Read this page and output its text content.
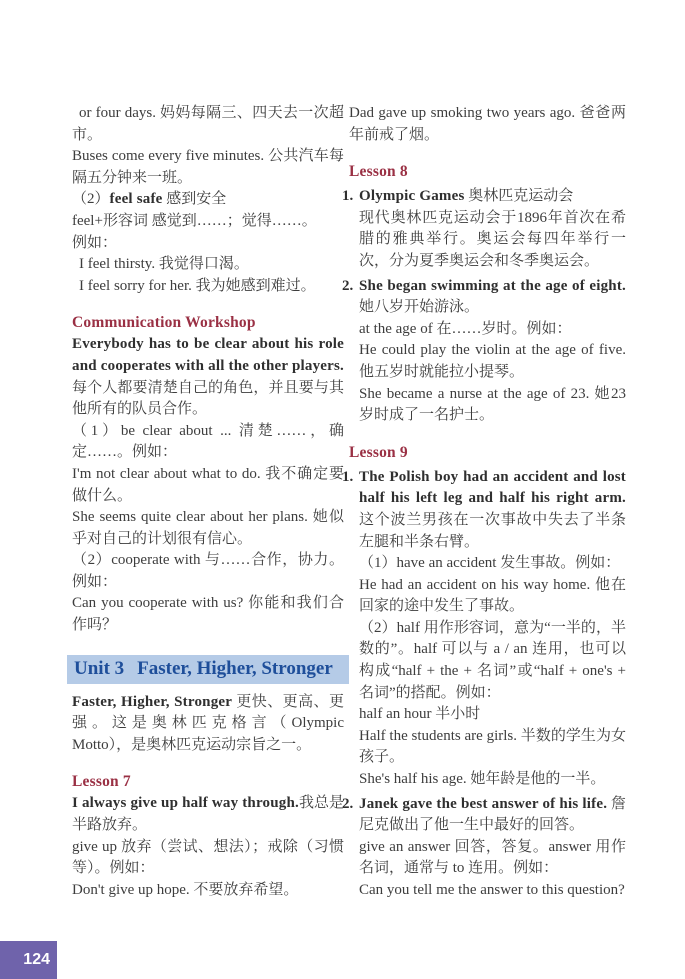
or four days. 妈妈每隔三、四天去一次超市。

Buses come every five minutes. 公共汽车每隔五分钟来一班。

（2）feel safe 感到安全

feel+形容词 感觉到……；觉得……。

例如：

I feel thirsty. 我觉得口渴。

I feel sorry for her. 我为她感到难过。

Communication Workshop

Everybody has to be clear about his role and cooperates with all the other players. 每个人都要清楚自己的角色，并且要与其他所有的队员合作。

（1）be clear about ... 清楚……，确定……。例如：

I'm not clear about what to do. 我不确定要做什么。

She seems quite clear about her plans. 她似乎对自己的计划很有信心。

（2）cooperate with 与……合作，协力。例如：

Can you cooperate with us? 你能和我们合作吗？

Unit 3 Faster, Higher, Stronger

Faster, Higher, Stronger 更快、更高、更强。这是奥林匹克格言（Olympic Motto），是奥林匹克运动宗旨之一。

Lesson 7

I always give up half way through.我总是半路放弃。

give up 放弃（尝试、想法）；戒除（习惯等）。例如：

Don't give up hope. 不要放弃希望。

Dad gave up smoking two years ago. 爸爸两年前戒了烟。

Lesson 8
1. Olympic Games 奥林匹克运动会

现代奥林匹克运动会于1896年首次在希腊的雅典举行。奥运会每四年举行一次，分为夏季奥运会和冬季奥运会。

2. She began swimming at the age of eight. 她八岁开始游泳。

at the age of 在……岁时。例如：

He could play the violin at the age of five. 他五岁时就能拉小提琴。

She became a nurse at the age of 23. 她23岁时成了一名护士。

Lesson 9
1. The Polish boy had an accident and lost half his left leg and half his right arm. 这个波兰男孩在一次事故中失去了半条左腿和半条右臂。

（1）have an accident 发生事故。例如：

He had an accident on his way home. 他在回家的途中发生了事故。

（2）half 用作形容词，意为“一半的，半数的”。half 可以与 a / an 连用，也可以构成“half + the + 名词”或“half + one's + 名词”的搭配。例如：

half an hour 半小时

Half the students are girls. 半数的学生为女孩子。

She's half his age. 她年龄是他的一半。

2. Janek gave the best answer of his life. 詹尼克做出了他一生中最好的回答。

give an answer 回答，答复。answer 用作名词，通常与 to 连用。例如：

Can you tell me the answer to this question?

124
